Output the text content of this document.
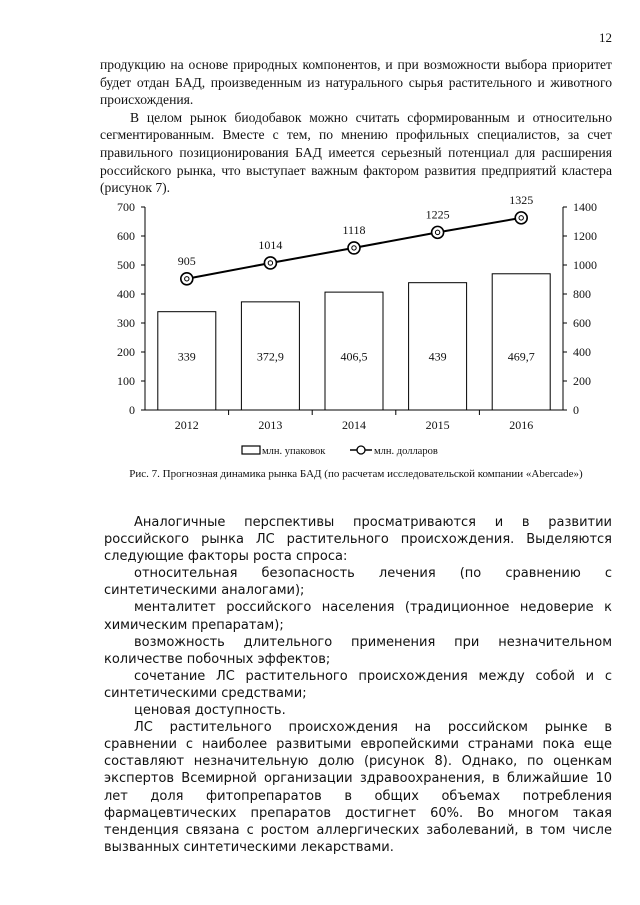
12

продукцию на основе природных компонентов, и при возможности выбора приоритет будет отдан БАД, произведенным из натурального сырья растительного и животного происхождения.

В целом рынок биодобавок можно считать сформированным и относительно сегментированным. Вместе с тем, по мнению профильных специалистов, за счет правильного позиционирования БАД имеется серьезный потенциал для расширения российского рынка, что выступает важным фактором развития предприятий кластера (рисунок 7).

0
100
200
300
400
500
600
700
0
200
400
600
800
1000
1200
1400
339
2012
372,9
2013
406,5
2014
439
2015
469,7
2016
905
1014
1118
1225
1325
млн. упаковок	млн. долларов
Рис. 7. Прогнозная динамика рынка БАД (по расчетам исследовательской компании «Abercade»)

Аналогичные перспективы просматриваются и в развитии российского рынка ЛС растительного происхождения. Выделяются следующие факторы роста спроса:

относительная безопасность лечения (по сравнению с синтетическими аналогами);

менталитет российского населения (традиционное недоверие к химическим препаратам);

возможность длительного применения при незначительном количестве побочных эффектов;

сочетание ЛС растительного происхождения между собой и с синтетическими средствами;

ценовая доступность.

ЛС растительного происхождения на российском рынке в сравнении с наиболее развитыми европейскими странами пока еще составляют незначительную долю (рисунок 8). Однако, по оценкам экспертов Всемирной организации здравоохранения, в ближайшие 10 лет доля фитопрепаратов в общих объемах потребления фармацевтических препаратов достигнет 60%. Во многом такая тенденция связана с ростом аллергических заболеваний, в том числе вызванных синтетическими лекарствами.
